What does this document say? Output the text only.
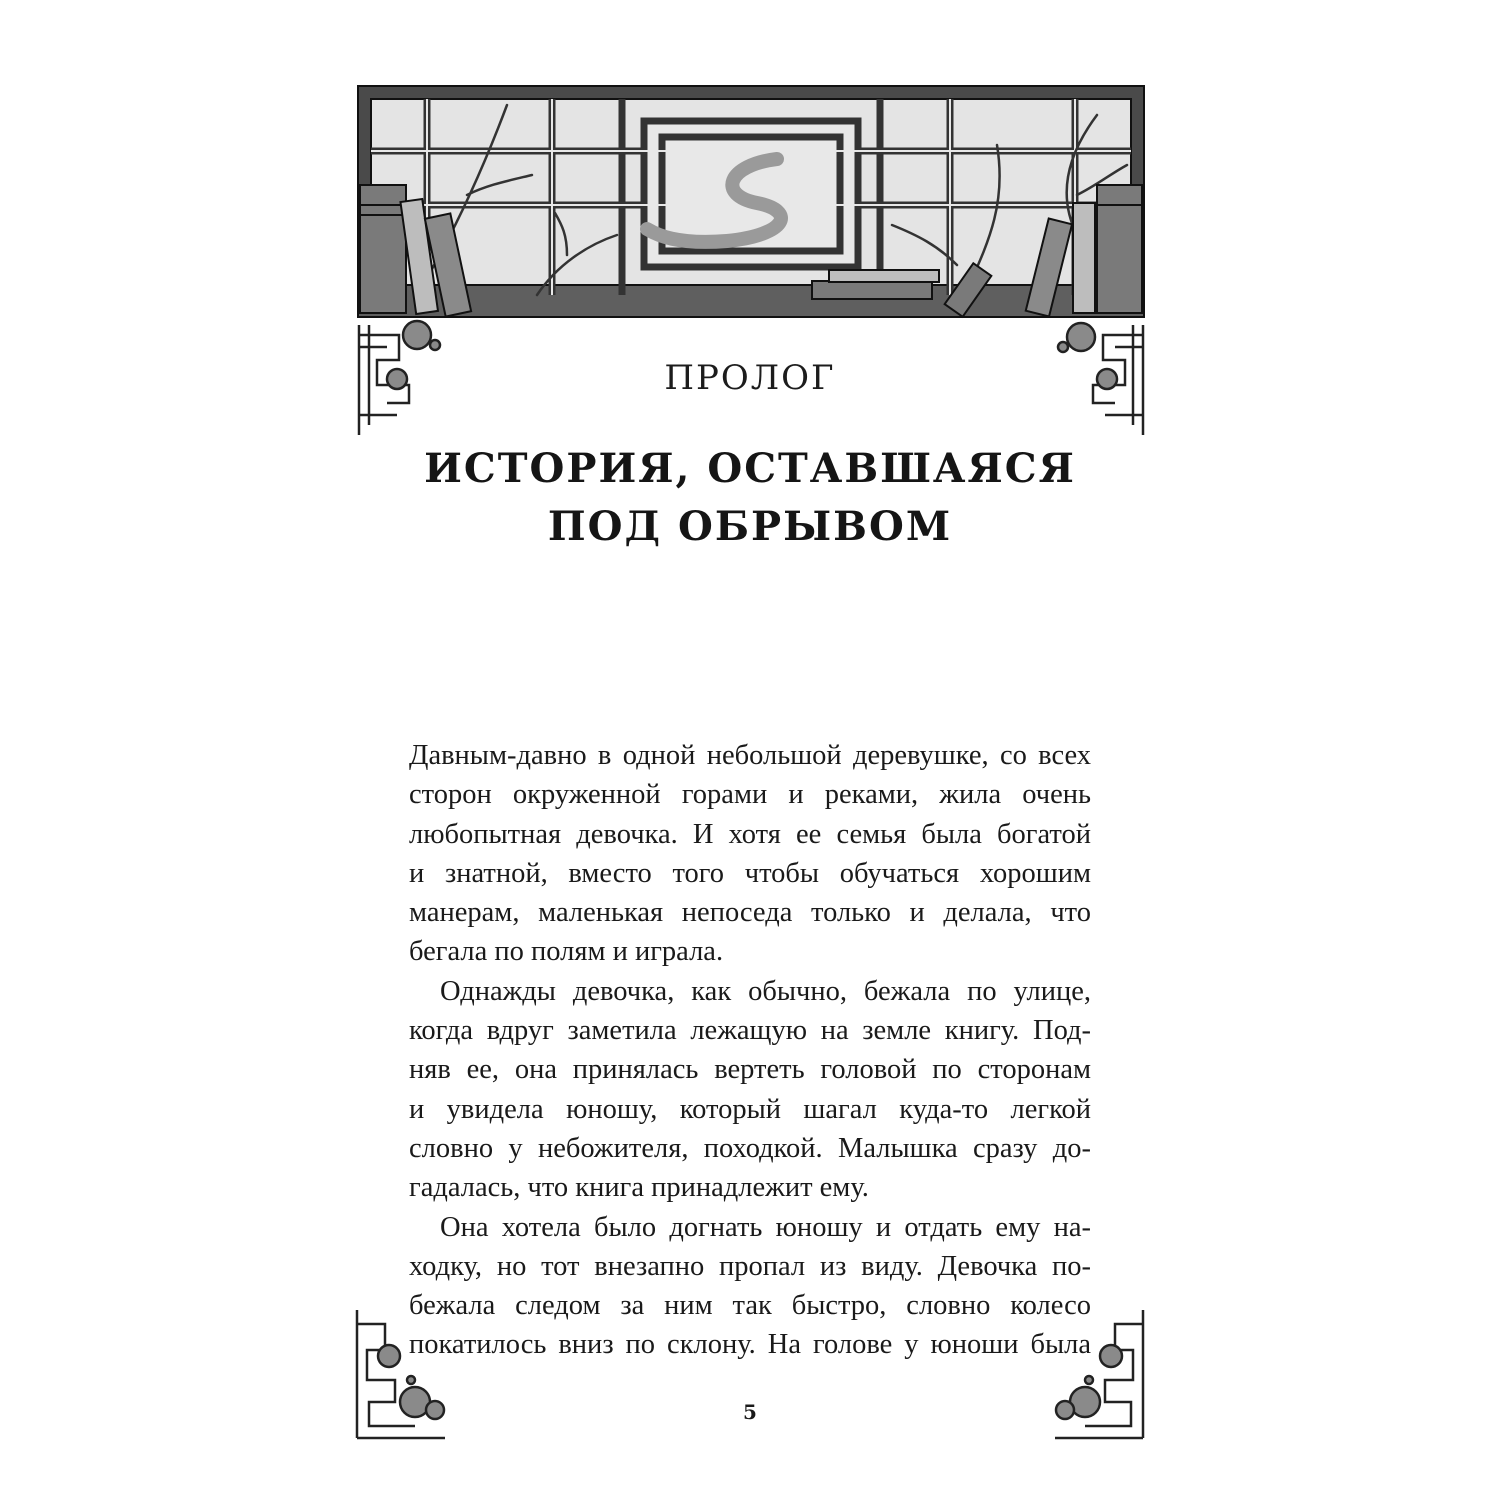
ПРОЛОГ
ИСТОРИЯ, ОСТАВШАЯСЯ
ПОД ОБРЫВОМ

Давным-давно в одной небольшой деревушке, со всех
сторон окруженной горами и реками, жила очень
любопытная девочка. И хотя ее семья была богатой
и знатной, вместо того чтобы обучаться хорошим
манерам, маленькая непоседа только и делала, что
бегала по полям и играла.

Однажды девочка, как обычно, бежала по улице,
когда вдруг заметила лежащую на земле книгу. Под-
няв ее, она принялась вертеть головой по сторонам
и увидела юношу, который шагал куда-то легкой
словно у небожителя, походкой. Малышка сразу до-
гадалась, что книга принадлежит ему.

Она хотела было догнать юношу и отдать ему на-
ходку, но тот внезапно пропал из виду. Девочка по-
бежала следом за ним так быстро, словно колесо
покатилось вниз по склону. На голове у юноши была

5
